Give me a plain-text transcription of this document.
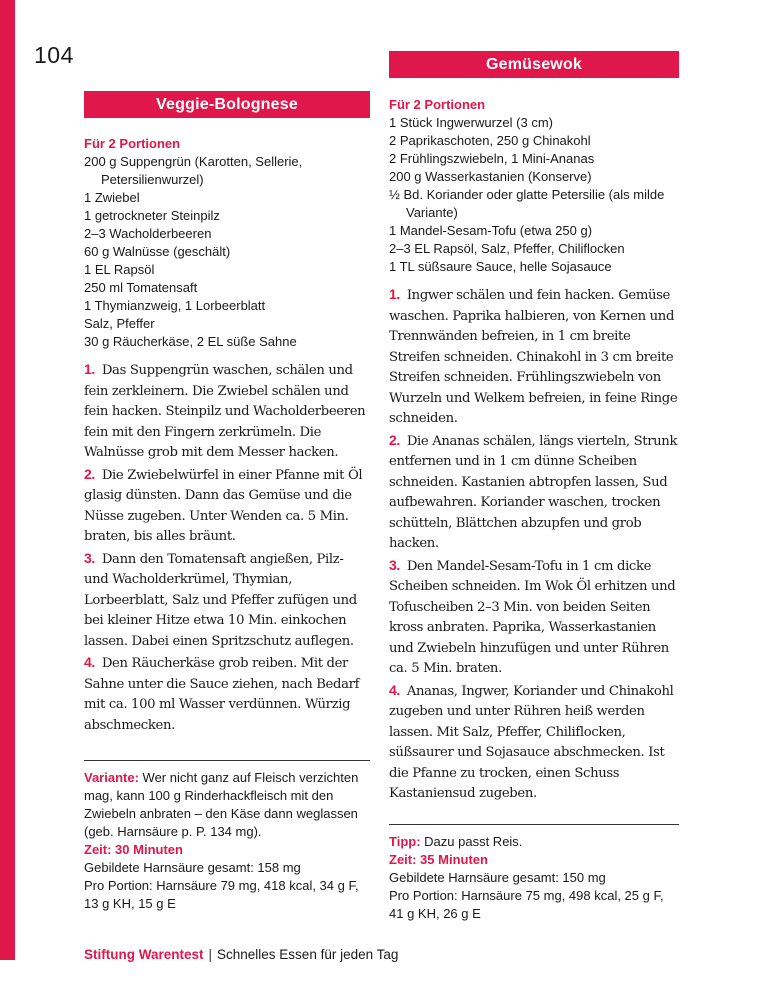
104
Veggie-Bolognese
Für 2 Portionen
200 g Suppengrün (Karotten, Sellerie, Petersilienwurzel)
1 Zwiebel
1 getrockneter Steinpilz
2–3 Wacholderbeeren
60 g Walnüsse (geschält)
1 EL Rapsöl
250 ml Tomatensaft
1 Thymianzweig, 1 Lorbeerblatt
Salz, Pfeffer
30 g Räucherkäse, 2 EL süße Sahne

1. Das Suppengrün waschen, schälen und fein zerkleinern. Die Zwiebel schälen und fein hacken. Steinpilz und Wacholderbeeren fein mit den Fingern zerkrümeln. Die Walnüsse grob mit dem Messer hacken.

2. Die Zwiebelwürfel in einer Pfanne mit Öl glasig dünsten. Dann das Gemüse und die Nüsse zugeben. Unter Wenden ca. 5 Min. braten, bis alles bräunt.

3. Dann den Tomatensaft angießen, Pilz- und Wacholderkrümel, Thymian, Lorbeerblatt, Salz und Pfeffer zufügen und bei kleiner Hitze etwa 10 Min. einkochen lassen. Dabei einen Spritzschutz auflegen.

4. Den Räucherkäse grob reiben. Mit der Sahne unter die Sauce ziehen, nach Bedarf mit ca. 100 ml Wasser verdünnen. Würzig abschmecken.

Variante: Wer nicht ganz auf Fleisch verzichten mag, kann 100 g Rinderhackfleisch mit den Zwiebeln anbraten – den Käse dann weglassen (geb. Harnsäure p. P. 134 mg).

Zeit: 30 Minuten

Gebildete Harnsäure gesamt: 158 mg

Pro Portion: Harnsäure 79 mg, 418 kcal, 34 g F, 13 g KH, 15 g E

Gemüsewok
Für 2 Portionen
1 Stück Ingwerwurzel (3 cm)
2 Paprikaschoten, 250 g Chinakohl
2 Frühlingszwiebeln, 1 Mini-Ananas
200 g Wasserkastanien (Konserve)
½ Bd. Koriander oder glatte Petersilie (als milde Variante)
1 Mandel-Sesam-Tofu (etwa 250 g)
2–3 EL Rapsöl, Salz, Pfeffer, Chiliflocken
1 TL süßsaure Sauce, helle Sojasauce

1. Ingwer schälen und fein hacken. Gemüse waschen. Paprika halbieren, von Kernen und Trennwänden befreien, in 1 cm breite Streifen schneiden. Chinakohl in 3 cm breite Streifen schneiden. Frühlingszwiebeln von Wurzeln und Welkem befreien, in feine Ringe schneiden.

2. Die Ananas schälen, längs vierteln, Strunk entfernen und in 1 cm dünne Scheiben schneiden. Kastanien abtropfen lassen, Sud aufbewahren. Koriander waschen, trocken schütteln, Blättchen abzupfen und grob hacken.

3. Den Mandel-Sesam-Tofu in 1 cm dicke Scheiben schneiden. Im Wok Öl erhitzen und Tofuscheiben 2–3 Min. von beiden Seiten kross anbraten. Paprika, Wasserkastanien und Zwiebeln hinzufügen und unter Rühren ca. 5 Min. braten.

4. Ananas, Ingwer, Koriander und Chinakohl zugeben und unter Rühren heiß werden lassen. Mit Salz, Pfeffer, Chiliflocken, süßsaurer und Sojasauce abschmecken. Ist die Pfanne zu trocken, einen Schuss Kastaniensud zugeben.

Tipp: Dazu passt Reis.

Zeit: 35 Minuten

Gebildete Harnsäure gesamt: 150 mg

Pro Portion: Harnsäure 75 mg, 498 kcal, 25 g F, 41 g KH, 26 g E

Stiftung Warentest | Schnelles Essen für jeden Tag
